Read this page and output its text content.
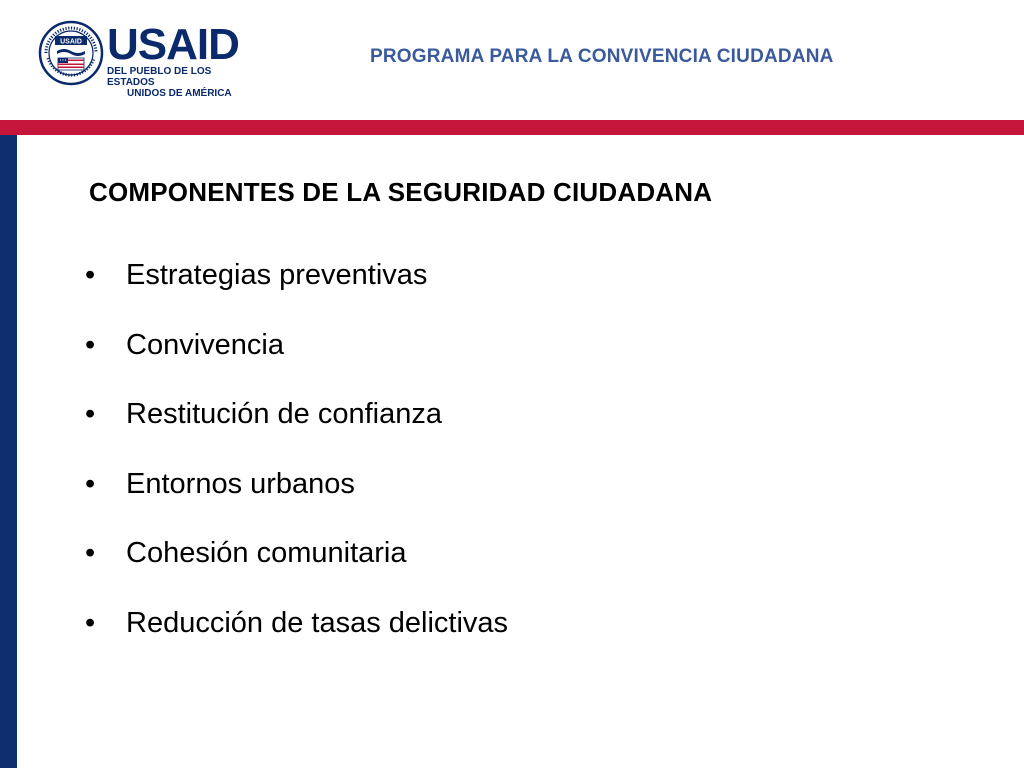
USAID USAID
DEL PUEBLO DE LOS ESTADOS
UNIDOS DE AMÉRICA
PROGRAMA PARA LA CONVIVENCIA CIUDADANA
COMPONENTES DE LA SEGURIDAD CIUDADANA
•	Estrategias preventivas
•	Convivencia
•	Restitución de confianza
•	Entornos urbanos
•	Cohesión comunitaria
•	Reducción de tasas delictivas
